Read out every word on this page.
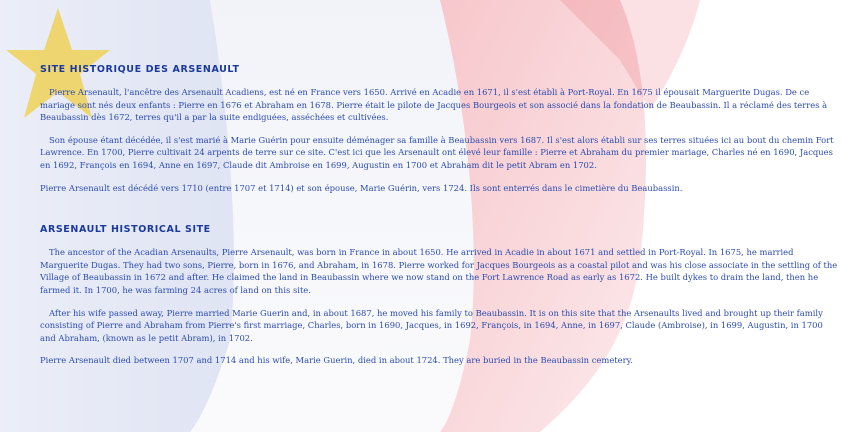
SITE HISTORIQUE DES ARSENAULT

Pierre Arsenault, l'ancêtre des Arsenault Acadiens, est né en France vers 1650. Arrivé en Acadie en 1671, il s'est établi à Port-Royal. En 1675 il épousait Marguerite Dugas. De ce mariage sont nés deux enfants : Pierre en 1676 et Abraham en 1678. Pierre était le pilote de Jacques Bourgeois et son associé dans la fondation de Beaubassin. Il a réclamé des terres à Beaubassin dès 1672, terres qu'il a par la suite endiguées, asséchées et cultivées.

Son épouse étant décédée, il s'est marié à Marie Guérin pour ensuite déménager sa famille à Beaubassin vers 1687. Il s'est alors établi sur ses terres situées ici au bout du chemin Fort Lawrence. En 1700, Pierre cultivait 24 arpents de terre sur ce site. C'est ici que les Arsenault ont élevé leur famille : Pierre et Abraham du premier mariage, Charles né en 1690, Jacques en 1692, François en 1694, Anne en 1697, Claude dit Ambroise en 1699, Augustin en 1700 et Abraham dit le petit Abram en 1702.

Pierre Arsenault est décédé vers 1710 (entre 1707 et 1714) et son épouse, Marie Guérin, vers 1724. Ils sont enterrés dans le cimetière du Beaubassin.

ARSENAULT HISTORICAL SITE

The ancestor of the Acadian Arsenaults, Pierre Arsenault, was born in France in about 1650. He arrived in Acadie in about 1671 and settled in Port-Royal. In 1675, he married Marguerite Dugas. They had two sons, Pierre, born in 1676, and Abraham, in 1678. Pierre worked for Jacques Bourgeois as a coastal pilot and was his close associate in the settling of the Village of Beaubassin in 1672 and after. He claimed the land in Beaubassin where we now stand on the Fort Lawrence Road as early as 1672. He built dykes to drain the land, then he farmed it. In 1700, he was farming 24 acres of land on this site.

After his wife passed away, Pierre married Marie Guerin and, in about 1687, he moved his family to Beaubassin. It is on this site that the Arsenaults lived and brought up their family consisting of Pierre and Abraham from Pierre's first marriage, Charles, born in 1690, Jacques, in 1692, François, in 1694, Anne, in 1697, Claude (Ambroise), in 1699, Augustin, in 1700 and Abraham, (known as le petit Abram), in 1702.

Pierre Arsenault died between 1707 and 1714 and his wife, Marie Guerin, died in about 1724. They are buried in the Beaubassin cemetery.
